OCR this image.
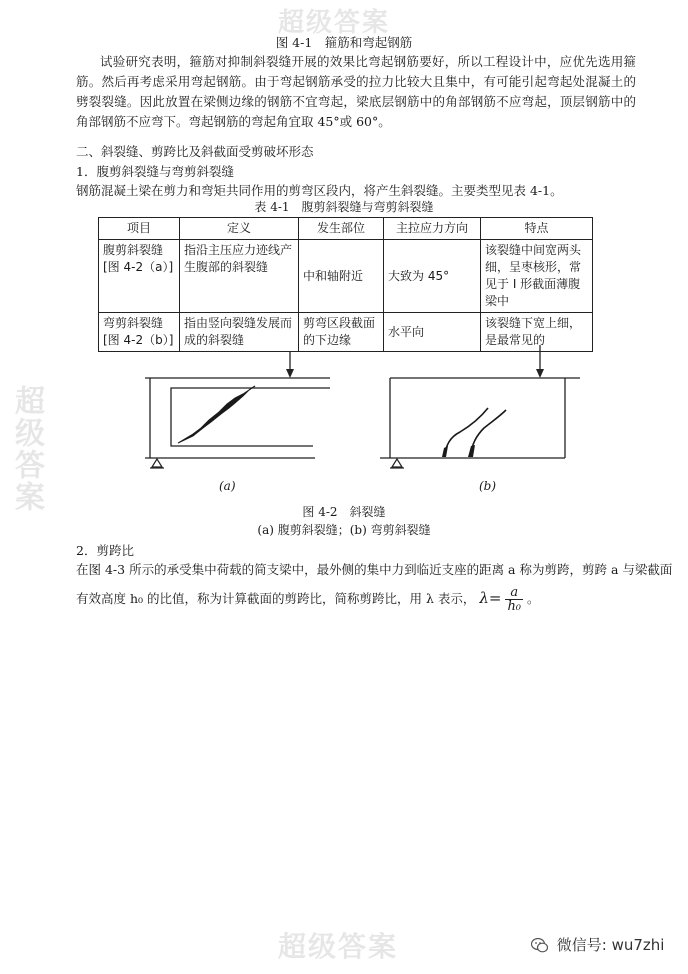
超级答案
超级答案
超级答案
图 4-1　箍筋和弯起钢筋
试验研究表明，箍筋对抑制斜裂缝开展的效果比弯起钢筋要好，所以工程设计中，应优先选用箍筋。然后再考虑采用弯起钢筋。由于弯起钢筋承受的拉力比较大且集中，有可能引起弯起处混凝土的劈裂裂缝。因此放置在梁侧边缘的钢筋不宜弯起，梁底层钢筋中的角部钢筋不应弯起，顶层钢筋中的角部钢筋不应弯下。弯起钢筋的弯起角宜取 45°或 60°。
二、斜裂缝、剪跨比及斜截面受剪破坏形态
1．腹剪斜裂缝与弯剪斜裂缝
钢筋混凝土梁在剪力和弯矩共同作用的剪弯区段内，将产生斜裂缝。主要类型见表 4-1。
表 4-1　腹剪斜裂缝与弯剪斜裂缝
项目	定义	发生部位	主拉应力方向	特点

腹剪斜裂缝
[图 4-2（a）]	指沿主压应力迹线产生腹部的斜裂缝	中和轴附近	大致为 45°	该裂缝中间宽两头细，呈枣核形，常见于 I 形截面薄腹梁中

弯剪斜裂缝
[图 4-2（b）]	指由竖向裂缝发展而成的斜裂缝	剪弯区段截面的下边缘	水平向	该裂缝下宽上细，是最常见的
(a)	(b)
图 4-2　斜裂缝
(a) 腹剪斜裂缝；(b) 弯剪斜裂缝
2．剪跨比
在图 4-3 所示的承受集中荷载的简支梁中，最外侧的集中力到临近支座的距离 a 称为剪跨，剪跨 a 与梁截面
有效高度 h₀ 的比值，称为计算截面的剪跨比，简称剪跨比，用 λ 表示， $\lambda= \frac{a}{\text{h₀}}$ 。
微信号: wu7zhi
